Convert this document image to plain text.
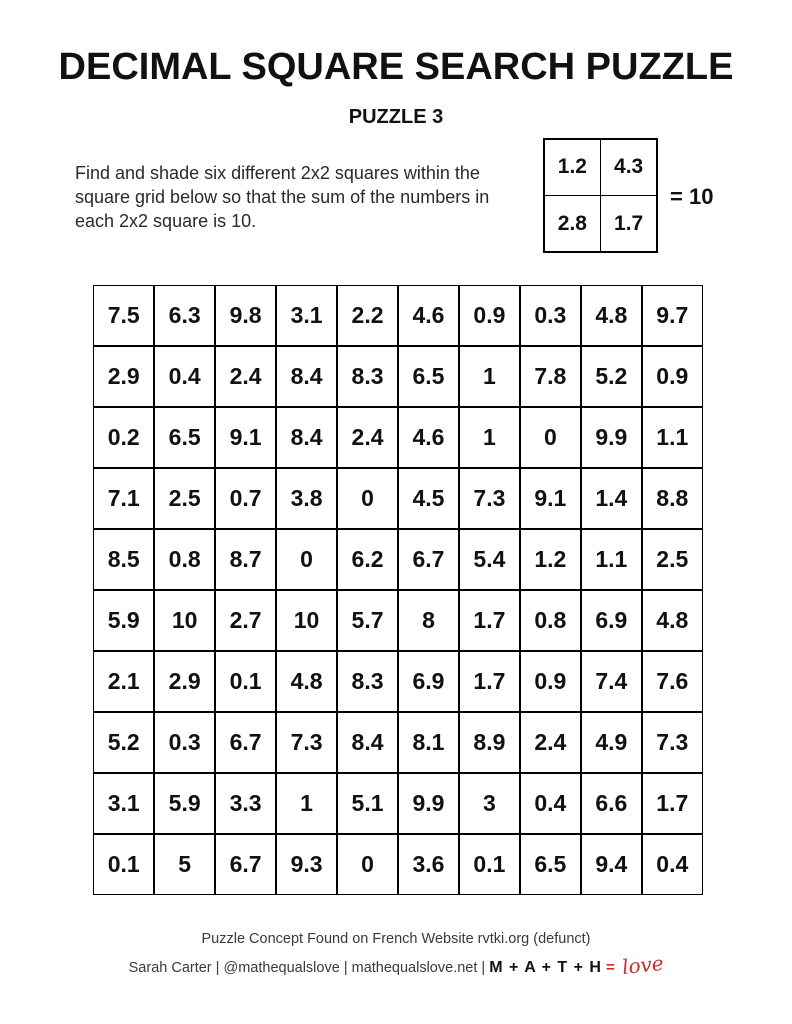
DECIMAL SQUARE SEARCH PUZZLE
PUZZLE 3
Find and shade six different 2x2 squares within the square grid below so that the sum of the numbers in each 2x2 square is 10.
1.2	4.3
2.8	1.7
= 10
7.5	6.3	9.8	3.1	2.2	4.6	0.9	0.3	4.8	9.7
2.9	0.4	2.4	8.4	8.3	6.5	1	7.8	5.2	0.9
0.2	6.5	9.1	8.4	2.4	4.6	1	0	9.9	1.1
7.1	2.5	0.7	3.8	0	4.5	7.3	9.1	1.4	8.8
8.5	0.8	8.7	0	6.2	6.7	5.4	1.2	1.1	2.5
5.9	10	2.7	10	5.7	8	1.7	0.8	6.9	4.8
2.1	2.9	0.1	4.8	8.3	6.9	1.7	0.9	7.4	7.6
5.2	0.3	6.7	7.3	8.4	8.1	8.9	2.4	4.9	7.3
3.1	5.9	3.3	1	5.1	9.9	3	0.4	6.6	1.7
0.1	5	6.7	9.3	0	3.6	0.1	6.5	9.4	0.4
Puzzle Concept Found on French Website rvtki.org (defunct)
Sarah Carter | @mathequalslove | mathequalslove.net | M + A + T + H = love
